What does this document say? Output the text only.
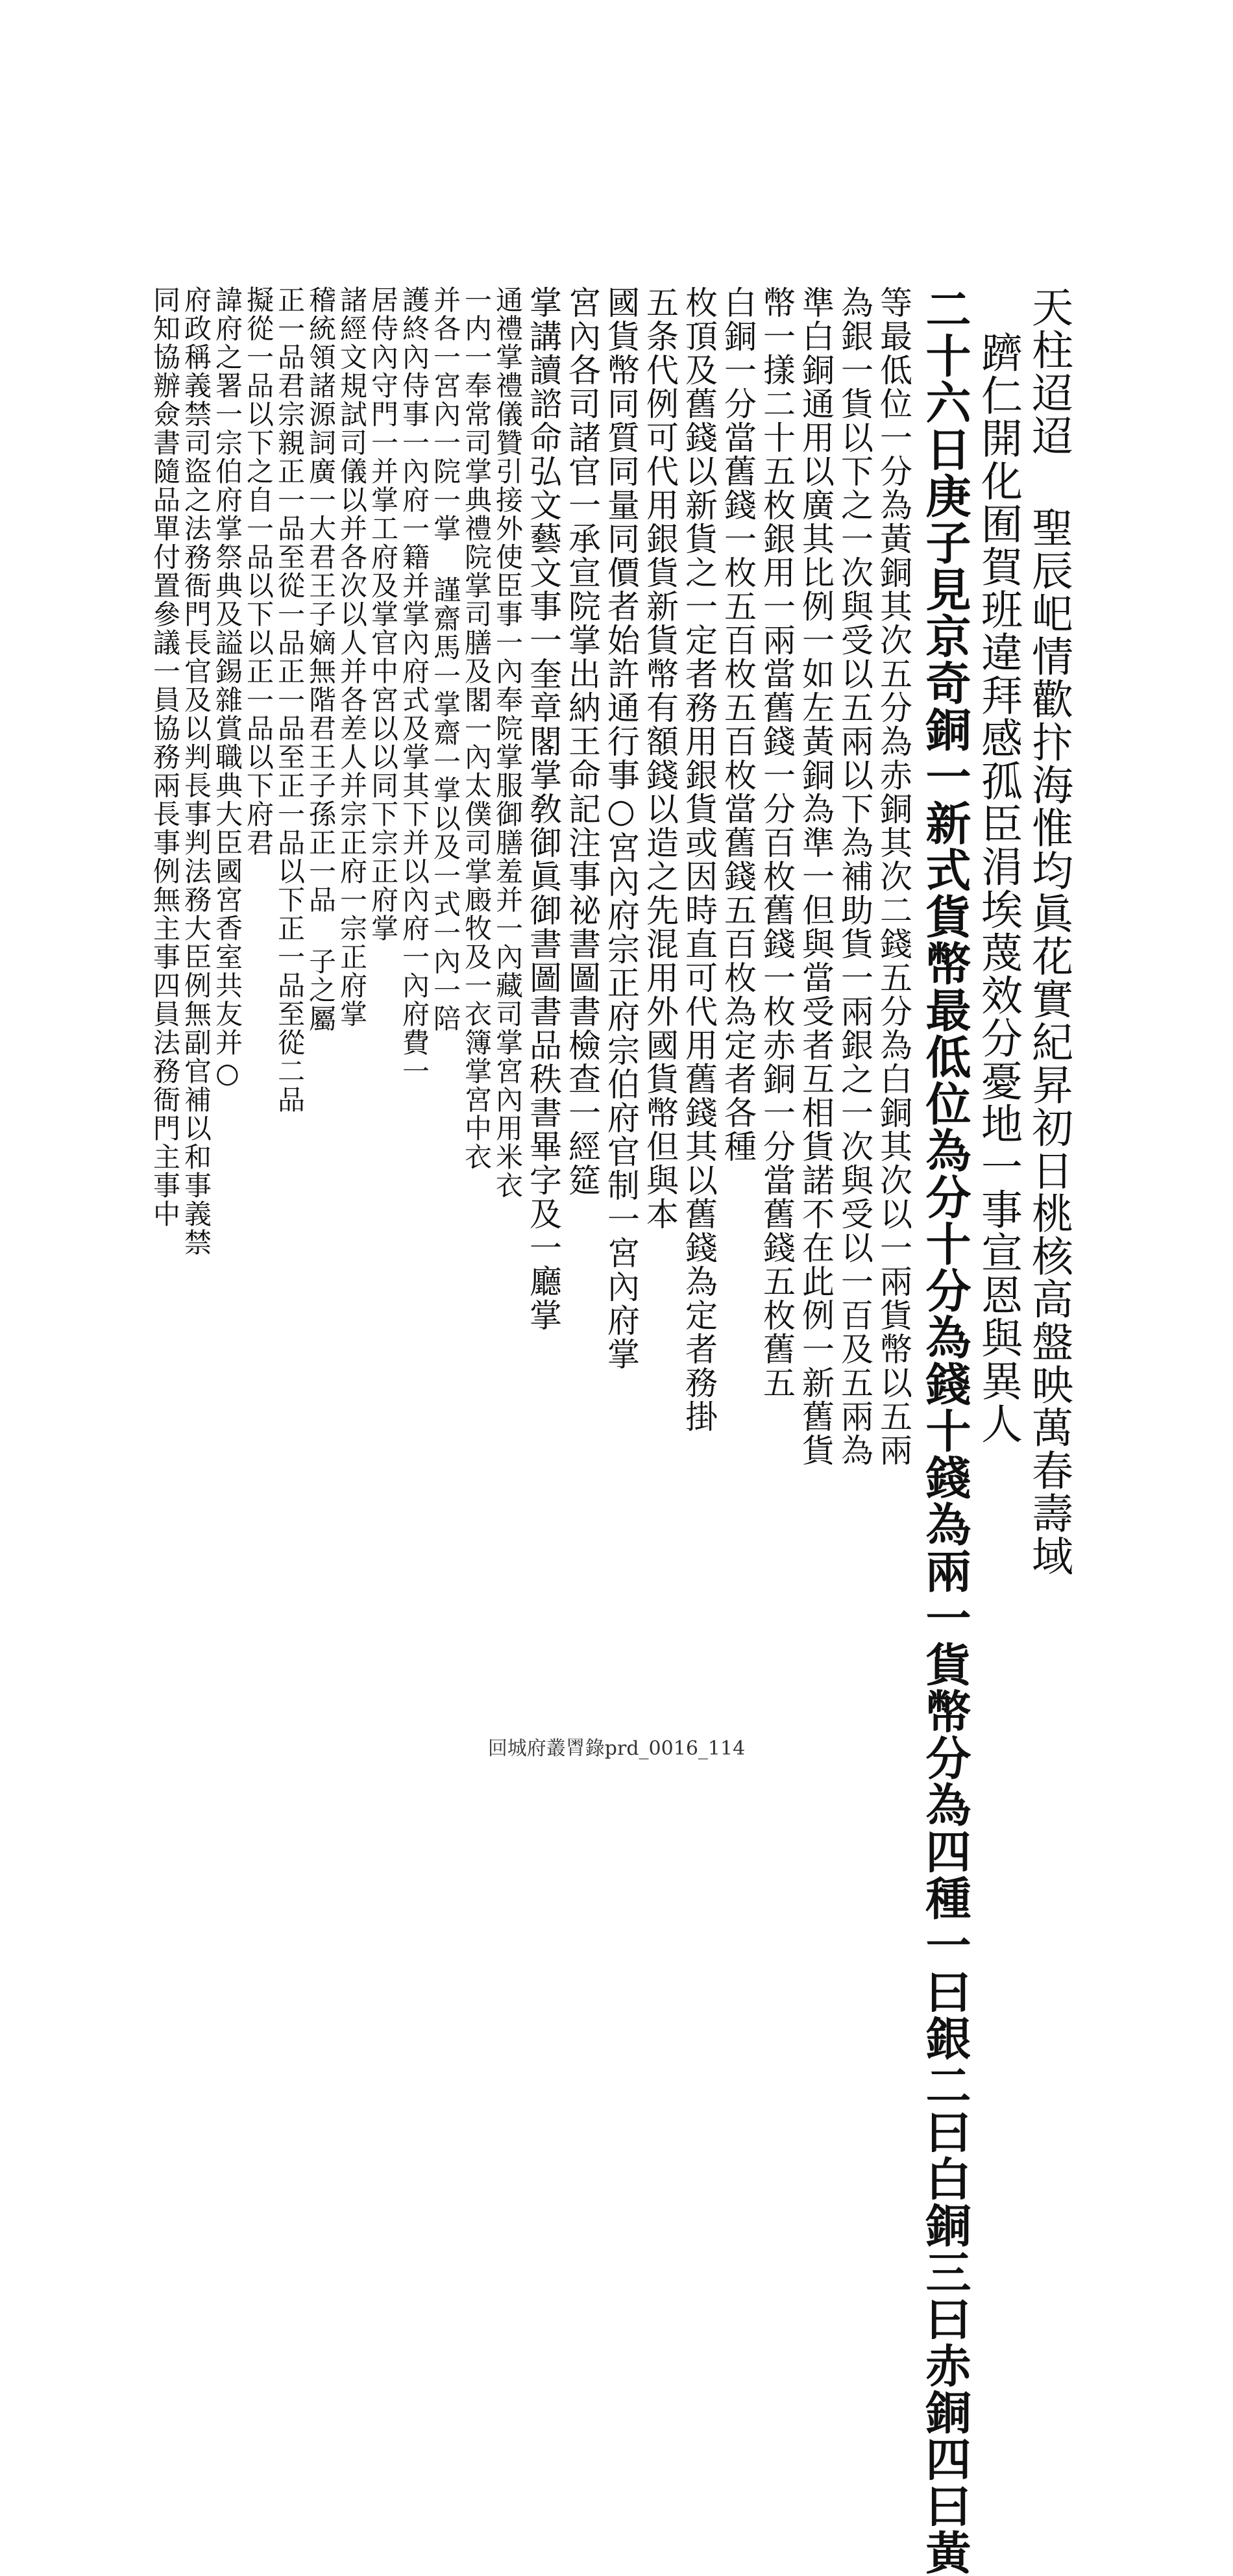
天柱迢迢 聖辰𡵆情歡抃海惟均眞花實紀昇初日桃核高盤映萬春壽域

躋仁開化囿賀班違拜感孤臣涓埃蔑效分憂地一事宣恩與異人

二十六日庚子見京奇銅一新式貨幣最低位為分十分為錢十錢為兩一貨幣分為四種一曰銀二曰白銅三曰赤銅四曰黃

等最低位一分為黃銅其次五分為赤銅其次二錢五分為白銅其次以一兩貨幣以五兩

為銀一貨以下之一次與受以五兩以下為補助貨一兩銀之一次與受以一百及五兩為

準白銅通用以廣其比例一如左黃銅為準一但與當受者互相貨諾不在此例一新舊貨

幣一㨾二十五枚銀用一兩當舊錢一分百枚舊錢一枚赤銅一分當舊錢五枚舊五

白銅一分當舊錢一枚五百枚五百枚當舊錢五百枚為定者各種

枚頂及舊錢以新貨之一定者務用銀貨或因時直可代用舊錢其以舊錢為定者務掛

五条代例可代用銀貨新貨幣有額錢以造之先混用外國貨幣但與本

國貨幣同質同量同價者始許通行事○宮內府宗正府宗伯府官制一宮內府掌

宮內各司諸官一承宣院掌出納王命記注事祕書圖書檢查一經筵

掌講讀諮命弘文藝文事一奎章閣掌敎御眞御書圖書品秩書畢字及一廳掌

通禮掌禮儀贊引接外使臣事一內奉院掌服御膳羞并一內藏司掌宮內用米衣

一内一奉常司掌典禮院掌司膳及閣一內太僕司掌廄牧及一衣簿掌宮中衣

并各一宮內一院一掌 謹齋馬一掌齋一掌以及一式一內一陪

護終內侍事一內府一籍并掌內府式及掌其下并以內府一內府費一

居侍內守門一并掌工府及掌官中宮以以同下宗正府掌

諸經文規試司儀以并各次以人并各差人并宗正府一宗正府掌

稽統領諸源詞廣一大君王子嫡無階君王子孫正一品 子之屬

正一品君宗親正一品至從一品正一品至正一品以下正一品至從二品

擬從一品以下之自一品以下以正一品以下府君

諱府之署一宗伯府掌祭典及謚錫雜賞職典大臣國宮香室共友并○

府政稱義禁司盜之法務衙門長官及以判長事判法務大臣例無副官補以和事義禁

同知協辦僉書隨品單付置參議一員協務兩長事例無主事四員法務衙門主事中

回城府叢𣍸錄prd_0016_114
